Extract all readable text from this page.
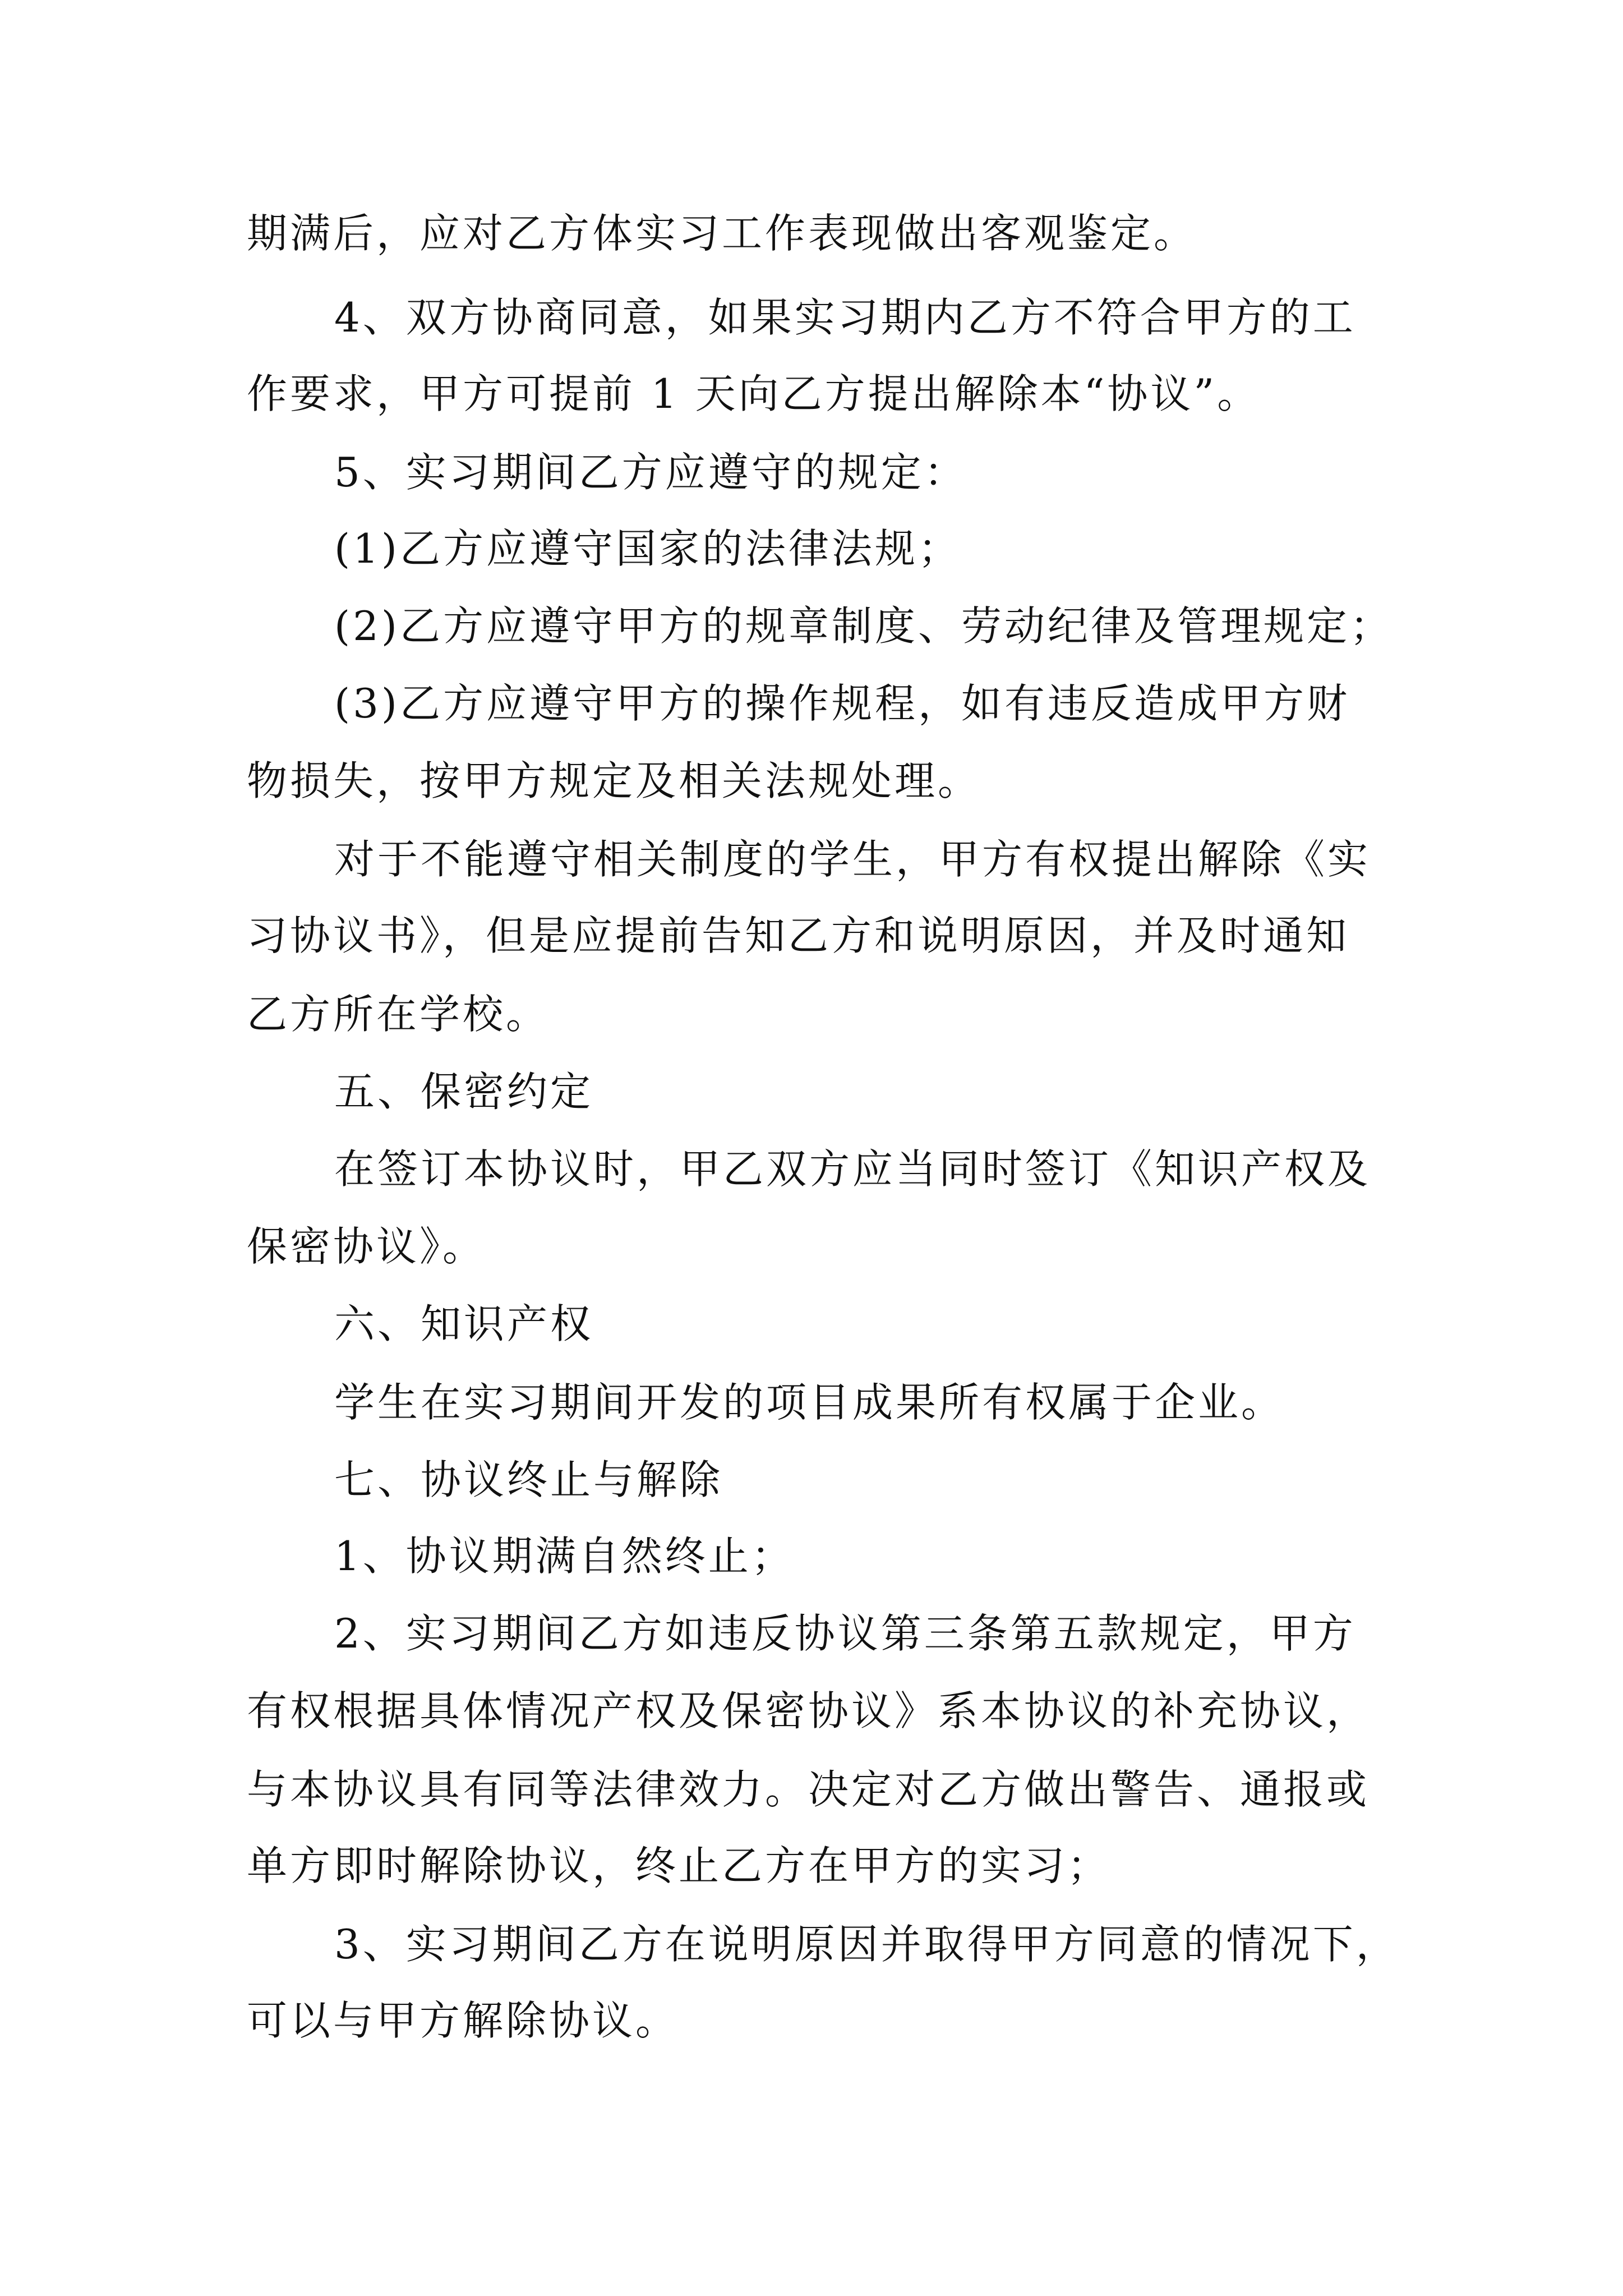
期满后，应对乙方体实习工作表现做出客观鉴定。
4、双方协商同意，如果实习期内乙方不符合甲方的工
作要求，甲方可提前 1 天向乙方提出解除本“协议”。
5、实习期间乙方应遵守的规定：
(1)乙方应遵守国家的法律法规；
(2)乙方应遵守甲方的规章制度、劳动纪律及管理规定；
(3)乙方应遵守甲方的操作规程，如有违反造成甲方财
物损失，按甲方规定及相关法规处理。
对于不能遵守相关制度的学生，甲方有权提出解除《实
习协议书》，但是应提前告知乙方和说明原因，并及时通知
乙方所在学校。
五、保密约定
在签订本协议时，甲乙双方应当同时签订《知识产权及
保密协议》。
六、知识产权
学生在实习期间开发的项目成果所有权属于企业。
七、协议终止与解除
1、协议期满自然终止；
2、实习期间乙方如违反协议第三条第五款规定，甲方
有权根据具体情况产权及保密协议》系本协议的补充协议，
与本协议具有同等法律效力。决定对乙方做出警告、通报或
单方即时解除协议，终止乙方在甲方的实习；
3、实习期间乙方在说明原因并取得甲方同意的情况下，
可以与甲方解除协议。
